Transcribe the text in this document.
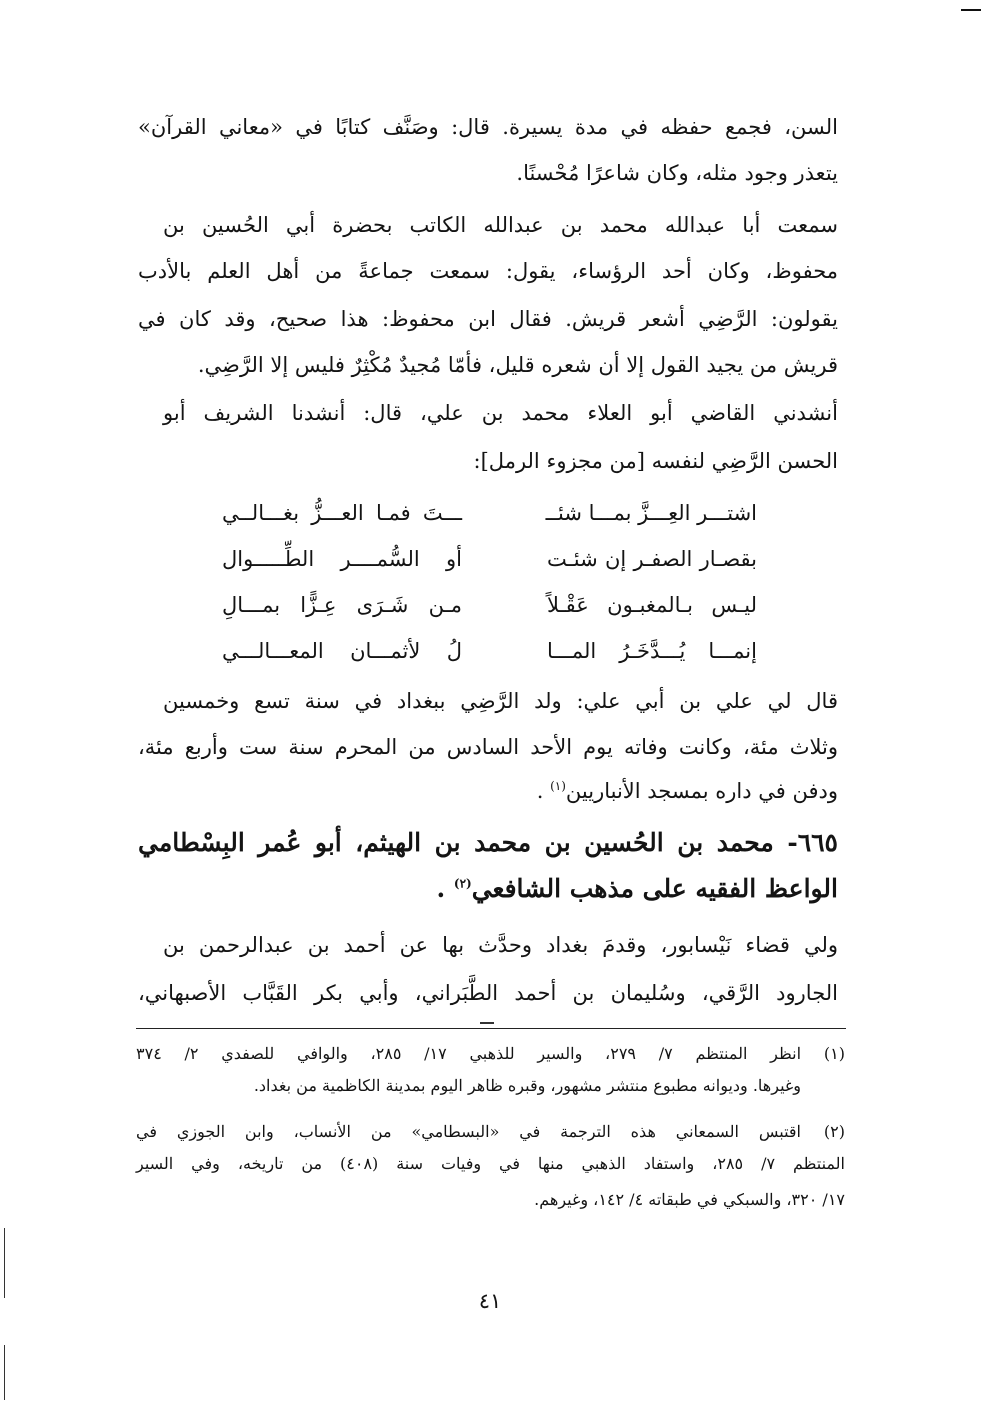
السن، فجمع حفظه في مدة يسيرة. قال: وصَنَّف كتابًا في «معاني القرآن»
يتعذر وجود مثله، وكان شاعرًا مُحْسنًا.
سمعت أبا عبدالله محمد بن عبدالله الكاتب بحضرة أبي الحُسين بن
محفوظ، وكان أحد الرؤساء، يقول: سمعت جماعةً من أهل العلم بالأدب
يقولون: الرَّضِي أشعر قريش. فقال ابن محفوظ: هذا صحيح، وقد كان في
قريش من يجيد القول إلا أن شعره قليل، فأمّا مُجيدٌ مُكْثِرٌ فليس إلا الرَّضِي.
أنشدني القاضي أبو العلاء محمد بن علي، قال: أنشدنا الشريف أبو
الحسن الرَّضِي لنفسه [من مجزوء الرمل]:
اشتـــر العِـــزَّ بمـــا شئــ
ـــتَ فمـا العـــزُّ بغـــالــي
بقصـار الصفـر إن شئـت
أو السُّمــــر الطِّـــــوال
ليـس بـالمغبـون عَقْـلاً
مـن شَـرَى عِـزًّا بمـــالِ
إنمـــا يُـــدَّخَـرُ المـــا
لُ لأثمـــان المعـــالـــي
قال لي علي بن أبي علي: ولد الرَّضِي ببغداد في سنة تسع وخمسين
وثلاث مئة، وكانت وفاته يوم الأحد السادس من المحرم سنة ست وأربع مئة،
ودفن في داره بمسجد الأنباريين$^{(١)}$ .
٦٦٥- محمد بن الحُسين بن محمد بن الهيثم، أبو عُمر البِسْطامي
الواعظ الفقيه على مذهب الشافعي$^{(٢)}$ .
ولي قضاء نَيْسابور، وقدمَ بغداد وحدَّث بها عن أحمد بن عبدالرحمن بن
الجارود الرَّقي، وسُليمان بن أحمد الطَّبَراني، وأبي بكر القَبَّاب الأصبهاني،
(١)
انظر المنتظم ٧/ ٢٧٩، والسير للذهبي ١٧/ ٢٨٥، والوافي للصفدي ٢/ ٣٧٤
وغيرها. وديوانه مطبوع منتشر مشهور، وقبره ظاهر اليوم بمدينة الكاظمية من بغداد.
(٢)
اقتبس السمعاني هذه الترجمة في «البسطامي» من الأنساب، وابن الجوزي في
المنتظم ٧/ ٢٨٥، واستفاد الذهبي منها في وفيات سنة (٤٠٨) من تاريخه، وفي السير
١٧/ ٣٢٠، والسبكي في طبقاته ٤/ ١٤٢، وغيرهم.
٤١
